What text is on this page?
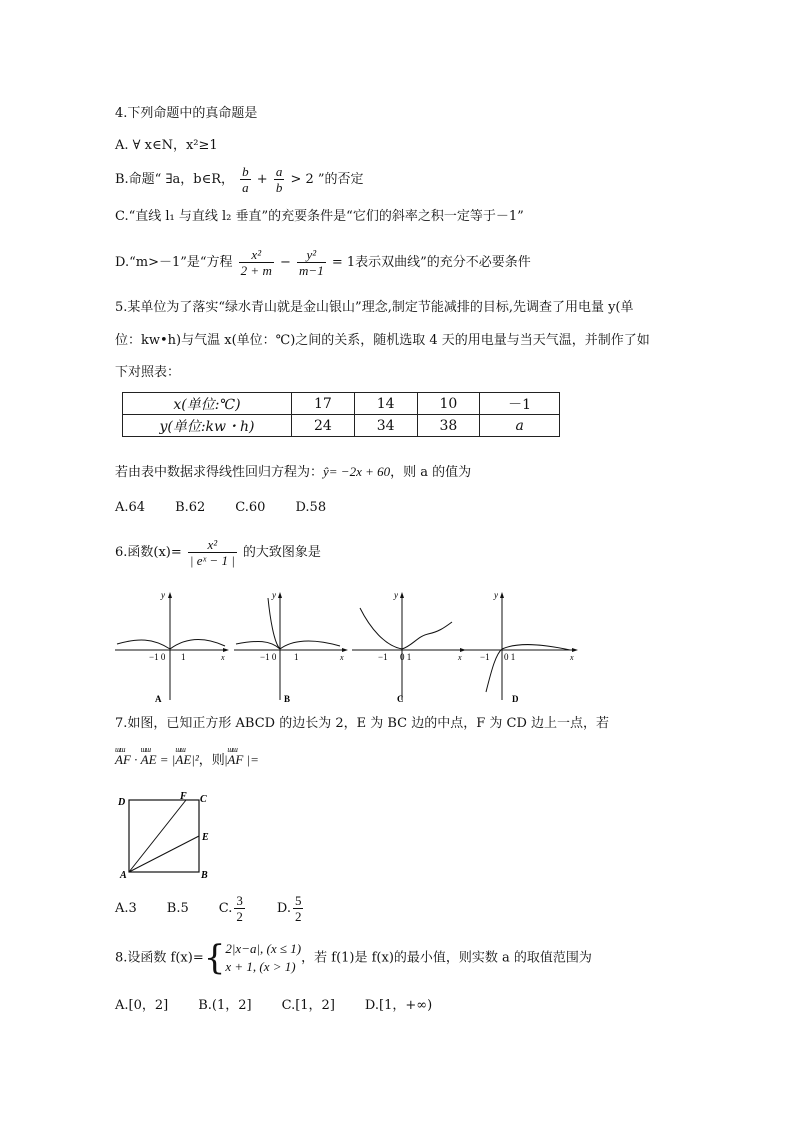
4.下列命题中的真命题是
A. ∀ x∈N，x²≥1
B.命题“ ∃a，b∈R， $\frac{b}{a} + \frac{a}{b} > 2$ ”的否定
C.“直线 l₁ 与直线 l₂ 垂直”的充要条件是“它们的斜率之积一定等于－1”
D.“m>－1”是“方程 $\frac{\text{x²}}{2 + m} - \frac{\text{y²}}{m-1} = 1$表示双曲线”的充分不必要条件
5.某单位为了落实“绿水青山就是金山银山”理念,制定节能减排的目标,先调查了用电量 y(单
位：kw•h)与气温 x(单位：℃)之间的关系，随机选取 4 天的用电量与当天气温，并制作了如
下对照表：
x(单位:℃)	17	14	10	－1
y(单位:kw・h)	24	34	38	a
若由表中数据求得线性回归方程为：ŷ= −2x + 60，则 a 的值为
A.64 B.62 C.60 D.58
6.函数$(x)= \frac{\text{x²}}{\text{| eˣ − 1 |}}$ 的大致图象是
y
x
−1 0 1
A
y
x
−1 0 1
B
y
x
−1 0 1
C
y
x
−1 0 1
D
7.如图，已知正方形 ABCD 的边长为 2，E 为 BC 边的中点，F 为 CD 边上一点，若
ɯɯ AF · ɯɯ AE = |ɯɯ AE|²，则|ɯɯ AF |=
D
F C
E
A	B
A.3 B.5 C. $\frac{3}{2} D$. $\frac{5}{2}$
8.设函数 f(x)={ 2|x−a|, (x ≤ 1)
x + 1, (x > 1)
，若 f(1)是 f(x)的最小值，则实数 a 的取值范围为
A.[0，2] B.(1，2] C.[1，2] D.[1，+∞)
